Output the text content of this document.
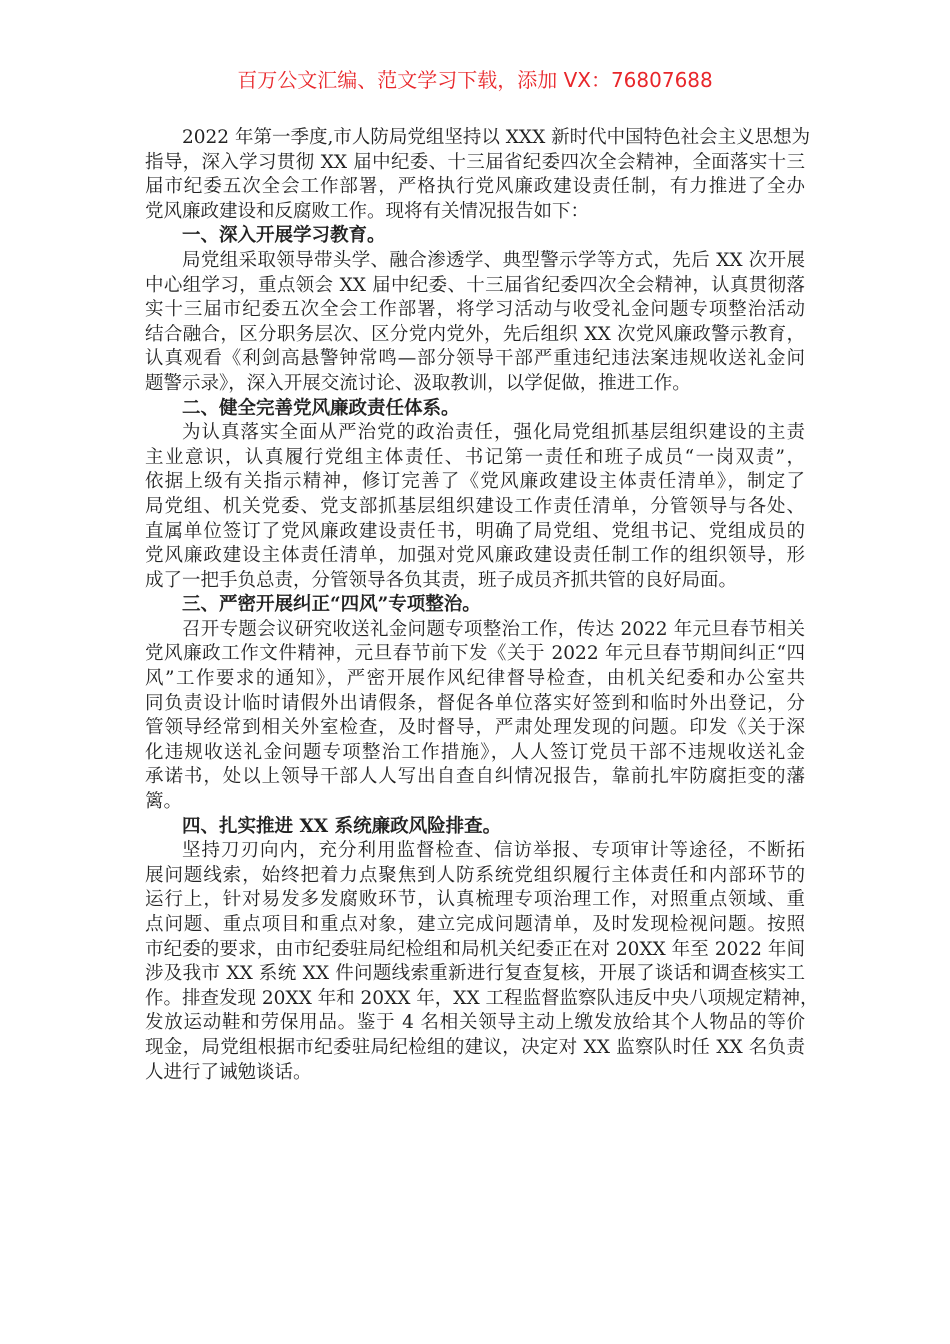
百万公文汇编、范文学习下载，添加 VX：76807688
2022 年第一季度,市人防局党组坚持以 XXX 新时代中国特色社会主义思想为
指导，深入学习贯彻 XX 届中纪委、十三届省纪委四次全会精神，全面落实十三
届市纪委五次全会工作部署，严格执行党风廉政建设责任制，有力推进了全办
党风廉政建设和反腐败工作。现将有关情况报告如下：
一、深入开展学习教育。
局党组采取领导带头学、融合渗透学、典型警示学等方式，先后 XX 次开展
中心组学习，重点领会 XX 届中纪委、十三届省纪委四次全会精神，认真贯彻落
实十三届市纪委五次全会工作部署，将学习活动与收受礼金问题专项整治活动
结合融合，区分职务层次、区分党内党外，先后组织 XX 次党风廉政警示教育，
认真观看《利剑高悬警钟常鸣—部分领导干部严重违纪违法案违规收送礼金问
题警示录》，深入开展交流讨论、汲取教训，以学促做，推进工作。
二、健全完善党风廉政责任体系。
为认真落实全面从严治党的政治责任，强化局党组抓基层组织建设的主责
主业意识，认真履行党组主体责任、书记第一责任和班子成员“一岗双责”，
依据上级有关指示精神，修订完善了《党风廉政建设主体责任清单》，制定了
局党组、机关党委、党支部抓基层组织建设工作责任清单，分管领导与各处、
直属单位签订了党风廉政建设责任书，明确了局党组、党组书记、党组成员的
党风廉政建设主体责任清单，加强对党风廉政建设责任制工作的组织领导，形
成了一把手负总责，分管领导各负其责，班子成员齐抓共管的良好局面。
三、严密开展纠正“四风”专项整治。
召开专题会议研究收送礼金问题专项整治工作，传达 2022 年元旦春节相关
党风廉政工作文件精神，元旦春节前下发《关于 2022 年元旦春节期间纠正“四
风”工作要求的通知》，严密开展作风纪律督导检查，由机关纪委和办公室共
同负责设计临时请假外出请假条，督促各单位落实好签到和临时外出登记，分
管领导经常到相关外室检查，及时督导，严肃处理发现的问题。印发《关于深
化违规收送礼金问题专项整治工作措施》，人人签订党员干部不违规收送礼金
承诺书，处以上领导干部人人写出自查自纠情况报告，靠前扎牢防腐拒变的藩
篱。
四、扎实推进 XX 系统廉政风险排查。
坚持刀刃向内，充分利用监督检查、信访举报、专项审计等途径，不断拓
展问题线索，始终把着力点聚焦到人防系统党组织履行主体责任和内部环节的
运行上，针对易发多发腐败环节，认真梳理专项治理工作，对照重点领域、重
点问题、重点项目和重点对象，建立完成问题清单，及时发现检视问题。按照
市纪委的要求，由市纪委驻局纪检组和局机关纪委正在对 20XX 年至 2022 年间
涉及我市 XX 系统 XX 件问题线索重新进行复查复核，开展了谈话和调查核实工
作。排查发现 20XX 年和 20XX 年，XX 工程监督监察队违反中央八项规定精神，
发放运动鞋和劳保用品。鉴于 4 名相关领导主动上缴发放给其个人物品的等价
现金，局党组根据市纪委驻局纪检组的建议，决定对 XX 监察队时任 XX 名负责
人进行了诫勉谈话。
